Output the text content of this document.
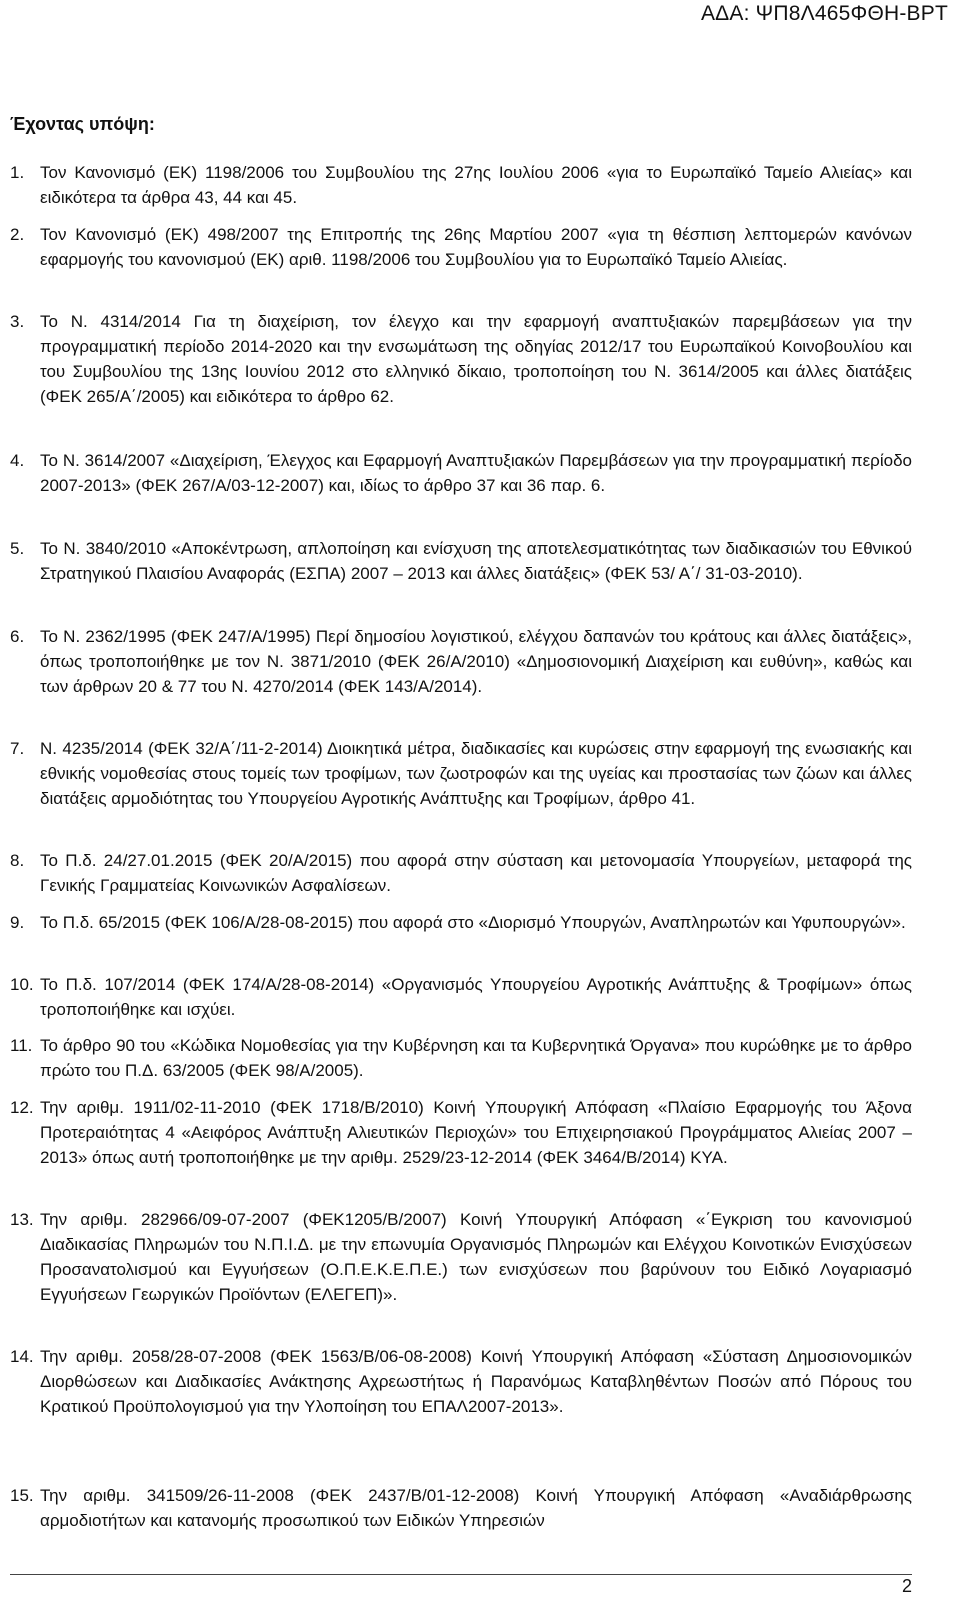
ΑΔΑ: ΨΠ8Λ465ΦΘΗ-ΒΡΤ
Έχοντας υπόψη:
1. Τον Κανονισμό (ΕΚ) 1198/2006 του Συμβουλίου της 27ης Ιουλίου 2006 «για το Ευρωπαϊκό Ταμείο Αλιείας» και ειδικότερα τα άρθρα 43, 44 και 45.
2. Τον Κανονισμό (ΕΚ) 498/2007 της Επιτροπής της 26ης Μαρτίου 2007 «για τη θέσπιση λεπτομερών κανόνων εφαρμογής του κανονισμού (ΕΚ) αριθ. 1198/2006 του Συμβουλίου για το Ευρωπαϊκό Ταμείο Αλιείας.
3. Το Ν. 4314/2014 Για τη διαχείριση, τον έλεγχο και την εφαρμογή αναπτυξιακών παρεμβάσεων για την προγραμματική περίοδο 2014-2020 και την ενσωμάτωση της οδηγίας 2012/17 του Ευρωπαϊκού Κοινοβουλίου και του Συμβουλίου της 13ης Ιουνίου 2012 στο ελληνικό δίκαιο, τροποποίηση του Ν. 3614/2005 και άλλες διατάξεις (ΦΕΚ 265/Α΄/2005) και ειδικότερα το άρθρο 62.
4. Το Ν. 3614/2007 «Διαχείριση, Έλεγχος και Εφαρμογή Αναπτυξιακών Παρεμβάσεων για την προγραμματική περίοδο 2007-2013» (ΦΕΚ 267/Α/03-12-2007) και, ιδίως το άρθρο 37 και 36 παρ. 6.
5. Το Ν. 3840/2010 «Αποκέντρωση, απλοποίηση και ενίσχυση της αποτελεσματικότητας των διαδικασιών του Εθνικού Στρατηγικού Πλαισίου Αναφοράς (ΕΣΠΑ) 2007 – 2013 και άλλες διατάξεις» (ΦΕΚ 53/ Α΄/ 31-03-2010).
6. Το Ν. 2362/1995 (ΦΕΚ 247/Α/1995) Περί δημοσίου λογιστικού, ελέγχου δαπανών του κράτους και άλλες διατάξεις», όπως τροποποιήθηκε με τον Ν. 3871/2010 (ΦΕΚ 26/Α/2010) «Δημοσιονομική Διαχείριση και ευθύνη», καθώς και των άρθρων 20 & 77 του Ν. 4270/2014 (ΦΕΚ 143/Α/2014).
7. Ν. 4235/2014 (ΦΕΚ 32/Α΄/11-2-2014) Διοικητικά μέτρα, διαδικασίες και κυρώσεις στην εφαρμογή της ενωσιακής και εθνικής νομοθεσίας στους τομείς των τροφίμων, των ζωοτροφών και της υγείας και προστασίας των ζώων και άλλες διατάξεις αρμοδιότητας του Υπουργείου Αγροτικής Ανάπτυξης και Τροφίμων, άρθρο 41.
8. Το Π.δ. 24/27.01.2015 (ΦΕΚ 20/Α/2015) που αφορά στην σύσταση και μετονομασία Υπουργείων, μεταφορά της Γενικής Γραμματείας Κοινωνικών Ασφαλίσεων.
9. Το Π.δ. 65/2015 (ΦΕΚ 106/Α/28-08-2015) που αφορά στο «Διορισμό Υπουργών, Αναπληρωτών και Υφυπουργών».
10. Το Π.δ. 107/2014 (ΦΕΚ 174/Α/28-08-2014) «Οργανισμός Υπουργείου Αγροτικής Ανάπτυξης & Τροφίμων» όπως τροποποιήθηκε και ισχύει.
11. Το άρθρο 90 του «Κώδικα Νομοθεσίας για την Κυβέρνηση και τα Κυβερνητικά Όργανα» που κυρώθηκε με το άρθρο πρώτο του Π.Δ. 63/2005 (ΦΕΚ 98/Α/2005).
12. Την αριθμ. 1911/02-11-2010 (ΦΕΚ 1718/Β/2010) Κοινή Υπουργική Απόφαση «Πλαίσιο Εφαρμογής του Άξονα Προτεραιότητας 4 «Αειφόρος Ανάπτυξη Αλιευτικών Περιοχών» του Επιχειρησιακού Προγράμματος Αλιείας 2007 – 2013» όπως αυτή τροποποιήθηκε με την αριθμ. 2529/23-12-2014 (ΦΕΚ 3464/Β/2014) ΚΥΑ.
13. Την αριθμ. 282966/09-07-2007 (ΦΕΚ1205/Β/2007) Κοινή Υπουργική Απόφαση «΄Εγκριση του κανονισμού Διαδικασίας Πληρωμών του Ν.Π.Ι.Δ. με την επωνυμία Οργανισμός Πληρωμών και Ελέγχου Κοινοτικών Ενισχύσεων Προσανατολισμού και Εγγυήσεων (Ο.Π.Ε.Κ.Ε.Π.Ε.) των ενισχύσεων που βαρύνουν του Ειδικό Λογαριασμό Εγγυήσεων Γεωργικών Προϊόντων (ΕΛΕΓΕΠ)».
14. Την αριθμ. 2058/28-07-2008 (ΦΕΚ 1563/Β/06-08-2008) Κοινή Υπουργική Απόφαση «Σύσταση Δημοσιονομικών Διορθώσεων και Διαδικασίες Ανάκτησης Αχρεωστήτως ή Παρανόμως Καταβληθέντων Ποσών από Πόρους του Κρατικού Προϋπολογισμού για την Υλοποίηση του ΕΠΑΛ2007-2013».
15. Την αριθμ. 341509/26-11-2008 (ΦΕΚ 2437/Β/01-12-2008) Κοινή Υπουργική Απόφαση «Αναδιάρθρωσης αρμοδιοτήτων και κατανομής προσωπικού των Ειδικών Υπηρεσιών
2
